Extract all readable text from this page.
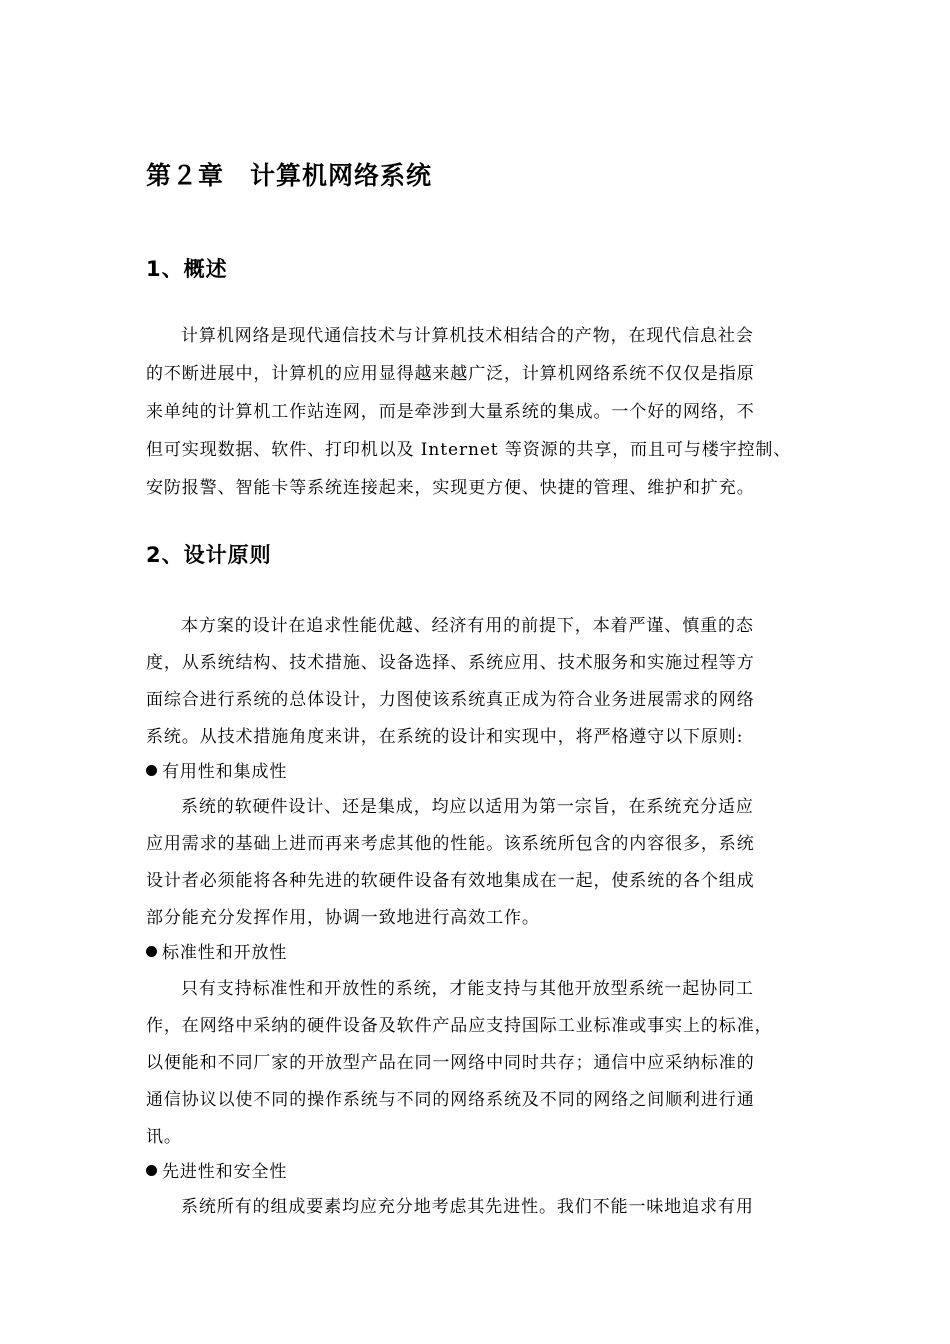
第２章　计算机网络系统
1、概述
计算机网络是现代通信技术与计算机技术相结合的产物，在现代信息社会
的不断进展中，计算机的应用显得越来越广泛，计算机网络系统不仅仅是指原
来单纯的计算机工作站连网，而是牵涉到大量系统的集成。一个好的网络，不
但可实现数据、软件、打印机以及 Internet 等资源的共享，而且可与楼宇控制、
安防报警、智能卡等系统连接起来，实现更方便、快捷的管理、维护和扩充。
2、设计原则
本方案的设计在追求性能优越、经济有用的前提下，本着严谨、慎重的态
度，从系统结构、技术措施、设备选择、系统应用、技术服务和实施过程等方
面综合进行系统的总体设计，力图使该系统真正成为符合业务进展需求的网络
系统。从技术措施角度来讲，在系统的设计和实现中，将严格遵守以下原则:
有用性和集成性
系统的软硬件设计、还是集成，均应以适用为第一宗旨，在系统充分适应
应用需求的基础上进而再来考虑其他的性能。该系统所包含的内容很多，系统
设计者必须能将各种先进的软硬件设备有效地集成在一起，使系统的各个组成
部分能充分发挥作用，协调一致地进行高效工作。
标准性和开放性
只有支持标准性和开放性的系统，才能支持与其他开放型系统一起协同工
作，在网络中采纳的硬件设备及软件产品应支持国际工业标准或事实上的标准，
以便能和不同厂家的开放型产品在同一网络中同时共存；通信中应采纳标准的
通信协议以使不同的操作系统与不同的网络系统及不同的网络之间顺利进行通
讯。
先进性和安全性
系统所有的组成要素均应充分地考虑其先进性。我们不能一味地追求有用
